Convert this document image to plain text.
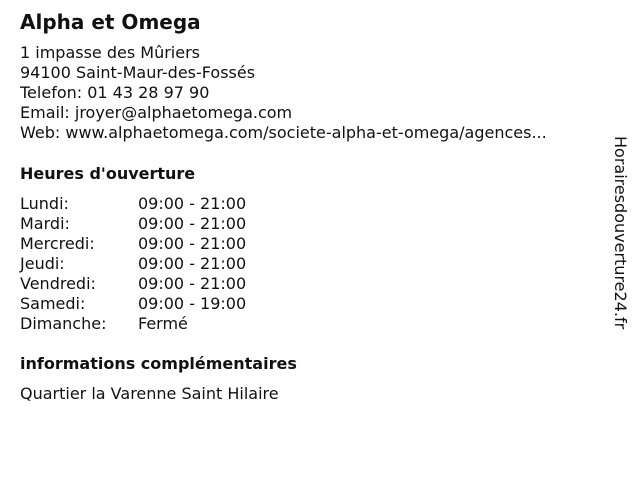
Alpha et Omega
1 impasse des Mûriers
94100 Saint-Maur-des-Fossés
Telefon: 01 43 28 97 90
Email: jroyer@alphaetomega.com
Web: www.alphaetomega.com/societe-alpha-et-omega/agences...
Heures d'ouverture
Lundi:	09:00 - 21:00
Mardi:	09:00 - 21:00
Mercredi:	09:00 - 21:00
Jeudi:	09:00 - 21:00
Vendredi:	09:00 - 21:00
Samedi:	09:00 - 19:00
Dimanche:	Fermé
informations complémentaires
Quartier la Varenne Saint Hilaire
Horairesdouverture24.fr
